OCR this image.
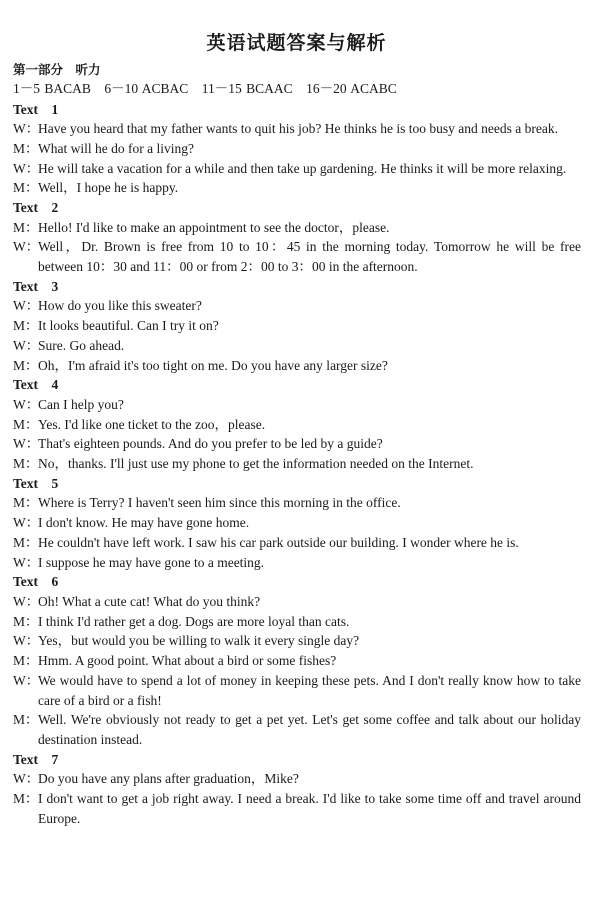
英语试题答案与解析
第一部分　听力
1－5 BACAB　6－10 ACBAC　11－15 BCAAC　16－20 ACABC
Text　1
W：
Have you heard that my father wants to quit his job? He thinks he is too busy and needs a break.
M： What will he do for a living?
W：
He will take a vacation for a while and then take up gardening. He thinks it will be more relaxing.
M： Well，I hope he is happy.
Text　2
M： Hello! I'd like to make an appointment to see the doctor，please.
W：
Well，Dr. Brown is free from 10 to 10：45 in the morning today. Tomorrow he will be free between 10：30 and 11：00 or from 2：00 to 3：00 in the afternoon.
Text　3
W：
How do you like this sweater?
M： It looks beautiful. Can I try it on?
W：
Sure. Go ahead.
M： Oh，I'm afraid it's too tight on me. Do you have any larger size?
Text　4
W：
Can I help you?
M： Yes. I'd like one ticket to the zoo，please.
W：
That's eighteen pounds. And do you prefer to be led by a guide?
M： No，thanks. I'll just use my phone to get the information needed on the Internet.
Text　5
M： Where is Terry? I haven't seen him since this morning in the office.
W：
I don't know. He may have gone home.
M： He couldn't have left work. I saw his car park outside our building. I wonder where he is.
W：
I suppose he may have gone to a meeting.
Text　6
W：
Oh! What a cute cat! What do you think?
M： I think I'd rather get a dog. Dogs are more loyal than cats.
W：
Yes，but would you be willing to walk it every single day?
M： Hmm. A good point. What about a bird or some fishes?
W：
We would have to spend a lot of money in keeping these pets. And I don't really know how to take care of a bird or a fish!
M： Well. We're obviously not ready to get a pet yet. Let's get some coffee and talk about our holiday destination instead.
Text　7
W：
Do you have any plans after graduation，Mike?
M： I don't want to get a job right away. I need a break. I'd like to take some time off and travel around Europe.
